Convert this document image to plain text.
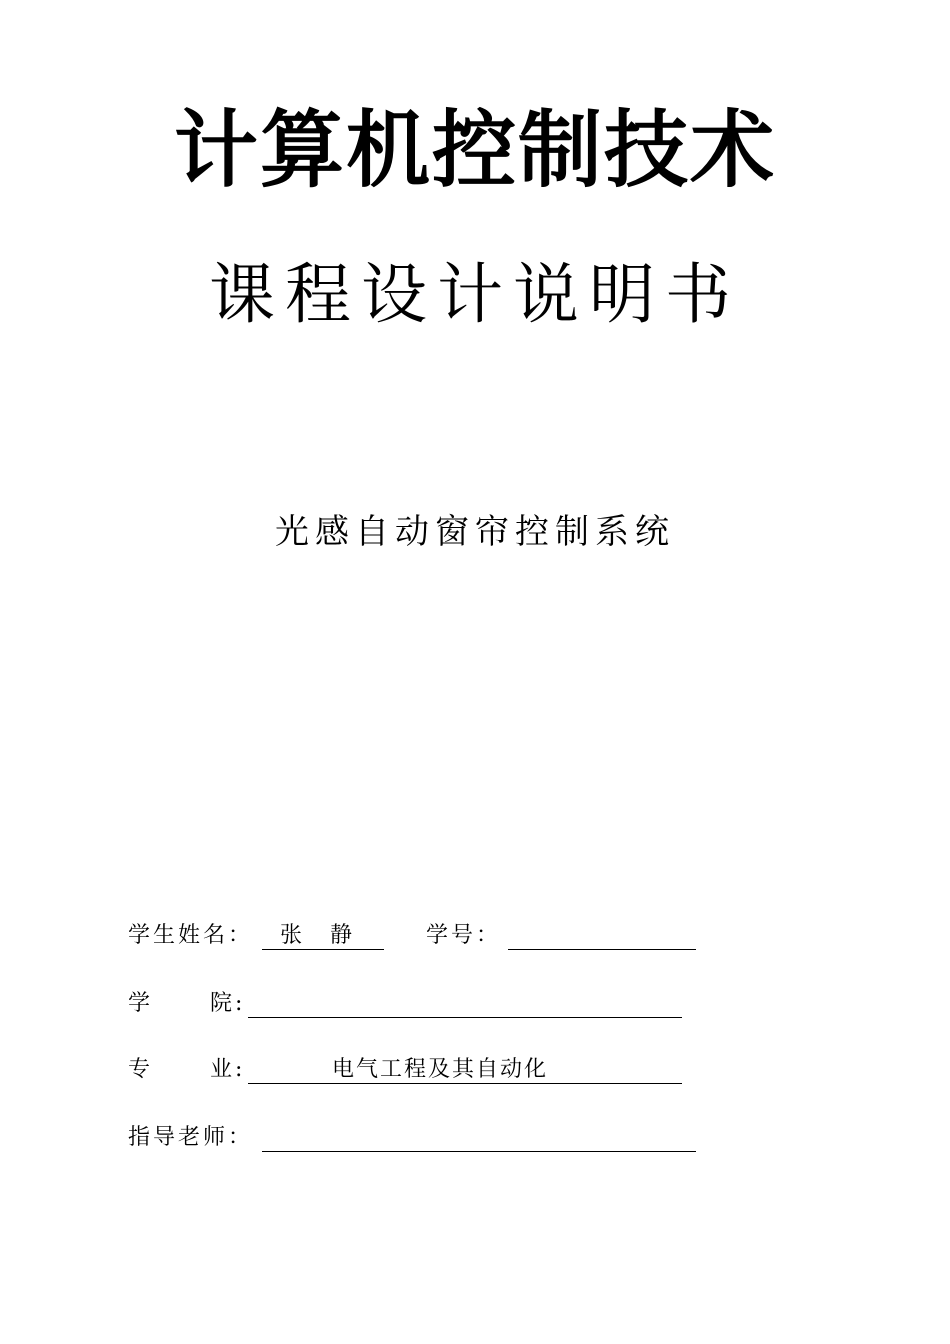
计算机控制技术
课程设计说明书
光感自动窗帘控制系统
学生姓名： 张 静	学号：
学	院:
专	业:	电气工程及其自动化
指导老师：
